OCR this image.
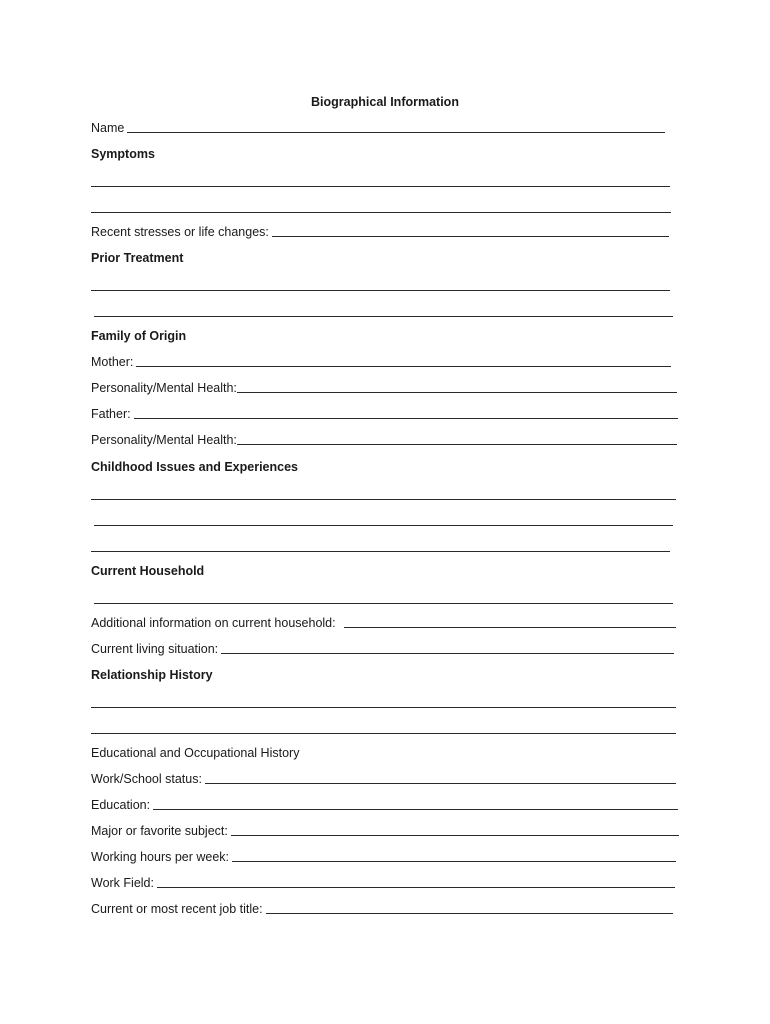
Biographical Information
Name
Symptoms
Recent stresses or life changes:
Prior Treatment
Family of Origin
Mother:
Personality/Mental Health:
Father:
Personality/Mental Health:
Childhood Issues and Experiences
Current Household
Additional information on current household:
Current living situation:
Relationship History
Educational and Occupational History
Work/School status:
Education:
Major or favorite subject:
Working hours per week:
Work Field:
Current or most recent job title:
